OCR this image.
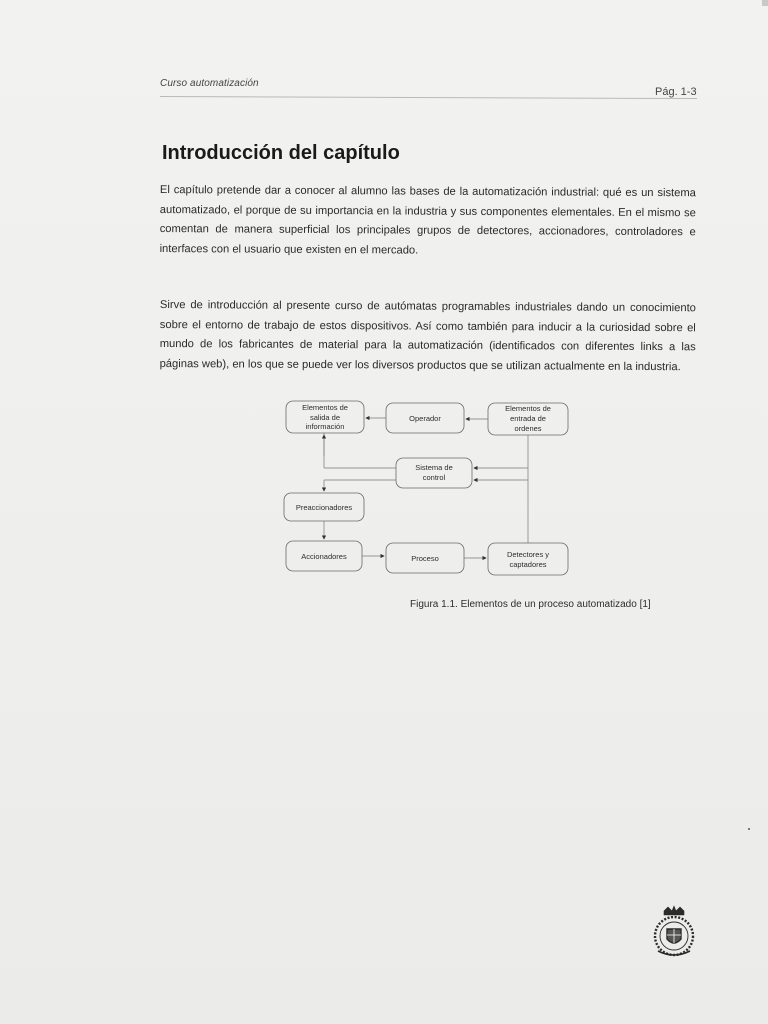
Curso automatización
Pág. 1-3
Introducción del capítulo

El capítulo pretende dar a conocer al alumno las bases de la automatización industrial: qué es un sistema automatizado, el porque de su importancia en la industria y sus componentes elementales. En el mismo se comentan de manera superficial los principales grupos de detectores, accionadores, controladores e interfaces con el usuario que existen en el mercado.

Sirve de introducción al presente curso de autómatas programables industriales dando un conocimiento sobre el entorno de trabajo de estos dispositivos. Así como también para inducir a la curiosidad sobre el mundo de los fabricantes de material para la automatización (identificados con diferentes links a las páginas web), en los que se puede ver los diversos productos que se utilizan actualmente en la industria.

Elementos de
salida de
información
Operador
Elementos de
entrada de
ordenes
Sistema de
control
Preaccionadores
Accionadores	Proceso	Detectores y
captadores
Figura 1.1. Elementos de un proceso automatizado [1]
